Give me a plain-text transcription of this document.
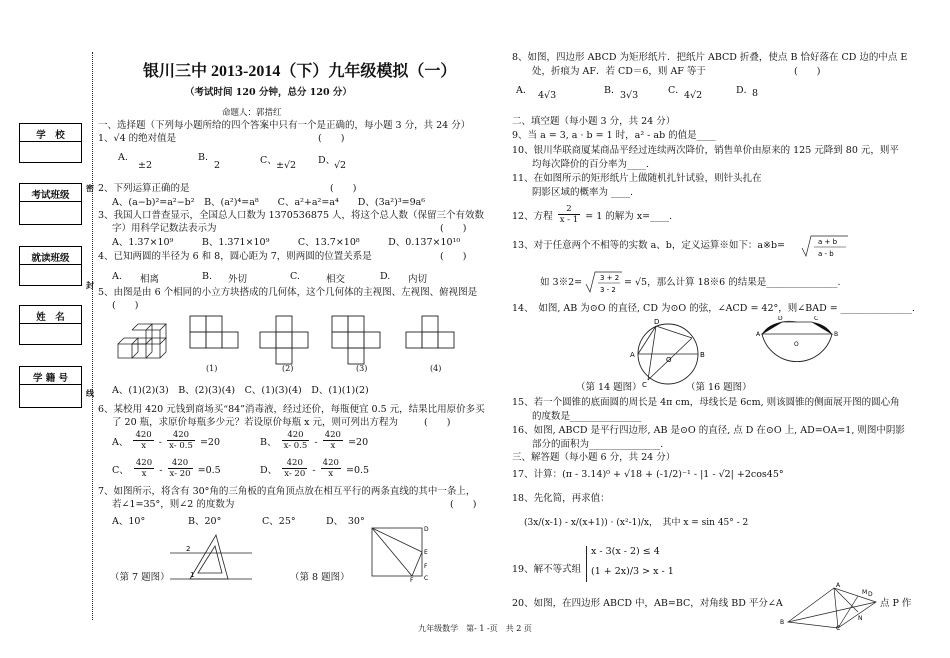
密
封
线
学　校
考试班级
就读班级
姓　名
学 籍 号
银川三中 2013-2014（下）九年级模拟（一）
（考试时间 120 分钟，总分 120 分）
命题人：郭措红
一、选择题（下列每小题所给的四个答案中只有一个是正确的，每小题 3 分，共 24 分）
1、√4 的绝对值是	(　　)
A.
±2
B.
2	C、 ±√2 D、
√2
2、下列运算正确的是	(　　)
A、(a−b)²=a²−b²　B、(a²)⁴=a⁸　　C、a²+a²=a⁴　　D、(3a²)³=9a⁶
3、我国人口普查显示，全国总人口数为 1370536875 人，将这个总人数（保留三个有效数
字）用科学记数法表示为	(　　)
A、1.37×10⁹　　　B、1.371×10⁹　　　C、13.7×10⁸　　　D、0.137×10¹⁰
4、已知两圆的半径为 6 和 8，圆心距为 7，则两圆的位置关系是	(　　)
A. 相离	B. 外切	C.	相交	D. 内切
5、由图是由 6 个相同的小立方块搭成的几何体，这个几何体的主视图、左视图、俯视图是
(　　)
(1)	(2)	(3)	(4)
A、(1)(2)(3)　B、(2)(3)(4)　C、(1)(3)(4)　D、(1)(1)(2)
6、某校用 420 元钱到商场买“84”消毒液，经过还价，每瓶便宜 0.5 元，结果比用原价多买
了 20 瓶，求原价每瓶多少元？若设原价每瓶 x 元，则可列出方程为	(　　)
A、 $\frac{420}{x} - \frac{420}{x- 0.5} =20$	B、 $\frac{420}{x- 0.5} - \frac{420}{x} =20$
C、 $\frac{420}{x} - \frac{420}{x- 20} =0.5$	D、 $\frac{420}{x- 20} - \frac{420}{x} =0.5$
7、如图所示，将含有 30°角的三角板的直角顶点放在相互平行的两条直线的其中一条上，
若∠1=35°，则∠2 的度数为	(　　)
A、10°	B、20°	C、25°	D、　30°
2
1
D
E
F
C
F
（第 7 题图）	（第 8 题图）
8、如图，四边形 ABCD 为矩形纸片．把纸片 ABCD 折叠，使点 B 恰好落在 CD 边的中点 E
处，折痕为 AF．若 CD＝6，则 AF 等于	(　　)
A． 4√3	B． 3√3	C． 4√2	D．
8
二、填空题（每小题 3 分，共 24 分）
9、当 a = 3, a · b = 1 时，a² - ab 的值是____
10、银川华联商厦某商品平经过连续两次降价，销售单价由原来的 125 元降到 80 元，则平
均每次降价的百分率为____.
11、在如图所示的矩形纸片上做随机扎针试验，则针头扎在
阴影区域的概率为 ____.
12、方程 $\frac{2}{x - 1} = 1$ 的解为 x=____.
13、对于任意两个不相等的实数 a、b，定义运算※如下：a※b=	a + b
a - b
如 3※2=	3 + 2
3 - 2
= √5，那么计算 18※6 的结果是_______________.
14、　如图, AB 为⊙O 的直径, CD 为⊙O 的弦，∠ACD = 42°，则∠BAD = _______________.
A	B
D
C
O
A
O
B
D	C
（第 14 题图）	（第 16 题图）
15、若一个圆锥的底面圆的周长是 4π cm，母线长是 6cm, 则该圆锥的侧面展开图的圆心角
的度数是_______________
16、如图, ABCD 是平行四边形, AB 是⊙O 的直径, 点 D 在⊙O 上, AD=OA=1, 则图中阴影
部分的面积为_______________.
三、解答题（每小题 6 分，共 24 分）
17、计算：(π - 3.14)⁰ + √18 + (-1/2)⁻¹ - |1 - √2| +2cos45°
18、先化简，再求值：
(3x/(x-1) - x/(x+1)) · (x²-1)/x，　其中 x = sin 45° - 2
19、解不等式组
x - 3(x - 2) ≤ 4
(1 + 2x)/3 > x - 1
20、如图，在四边形 ABCD 中，AB=BC，对角线 BD 平分∠A	点 P 作
B
A
D
C
M
N
九年级数学　第- 1 -页　共 2 页
